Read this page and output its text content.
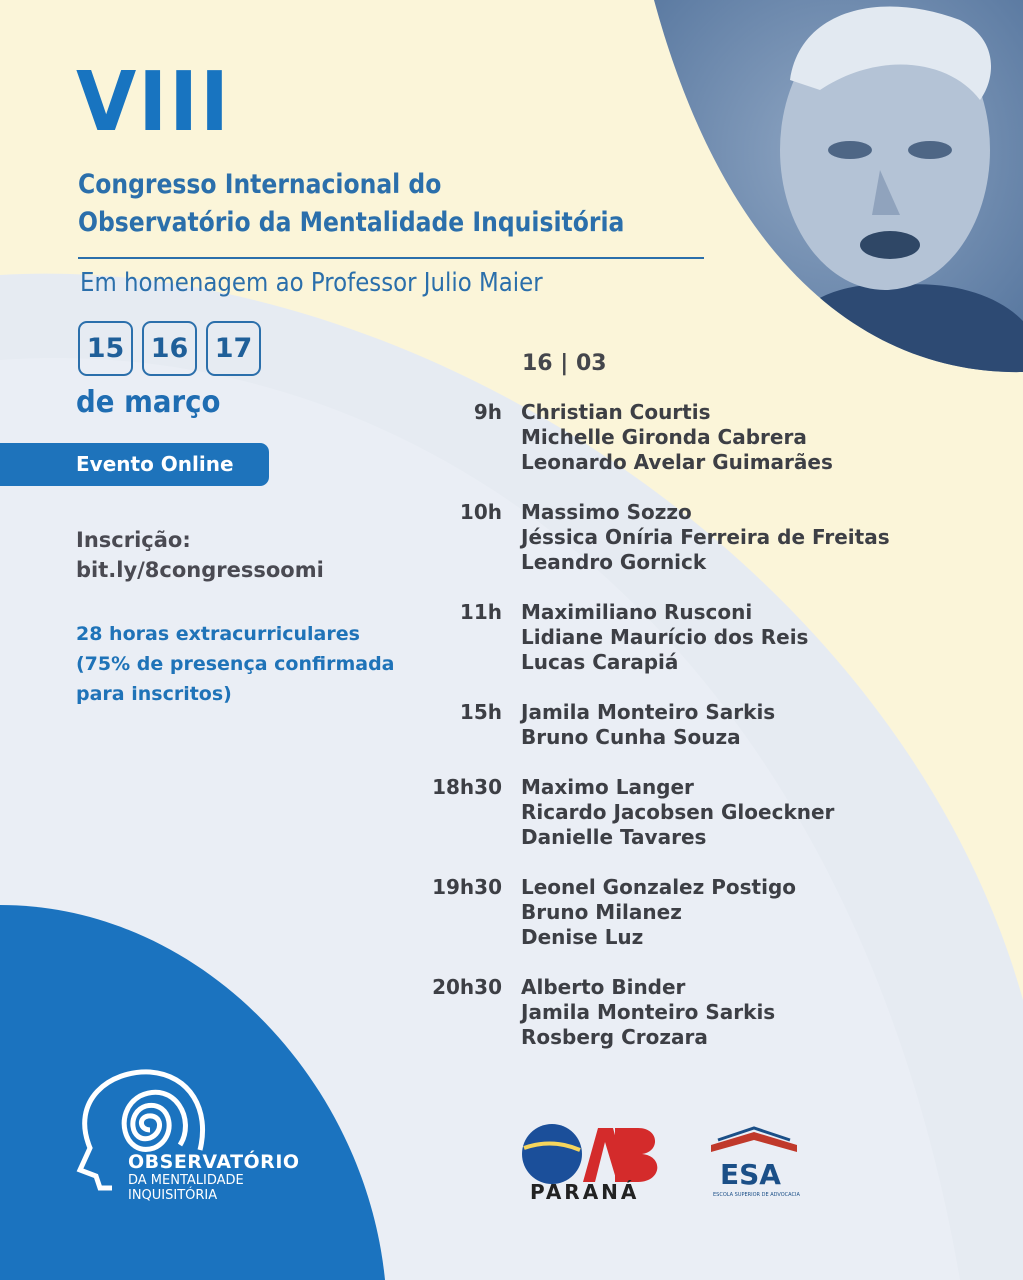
VIII
Congresso Internacional do
Observatório da Mentalidade Inquisitória
Em homenagem ao Professor Julio Maier
15 16 17
de março
Evento Online
Inscrição:
bit.ly/8congressoomi
28 horas extracurriculares
(75% de presença confirmada
para inscritos)
16 | 03
9h Christian Courtis
Michelle Gironda Cabrera
Leonardo Avelar Guimarães
10h Massimo Sozzo
Jéssica Oníria Ferreira de Freitas
Leandro Gornick
11h Maximiliano Rusconi
Lidiane Maurício dos Reis
Lucas Carapiá
15h Jamila Monteiro Sarkis
Bruno Cunha Souza
18h30 Maximo Langer
Ricardo Jacobsen Gloeckner
Danielle Tavares
19h30 Leonel Gonzalez Postigo
Bruno Milanez
Denise Luz
20h30 Alberto Binder
Jamila Monteiro Sarkis
Rosberg Crozara
OBSERVATÓRIO
DA MENTALIDADE
INQUISITÓRIA	PARANÁ
ESA
ESCOLA SUPERIOR DE ADVOCACIA
